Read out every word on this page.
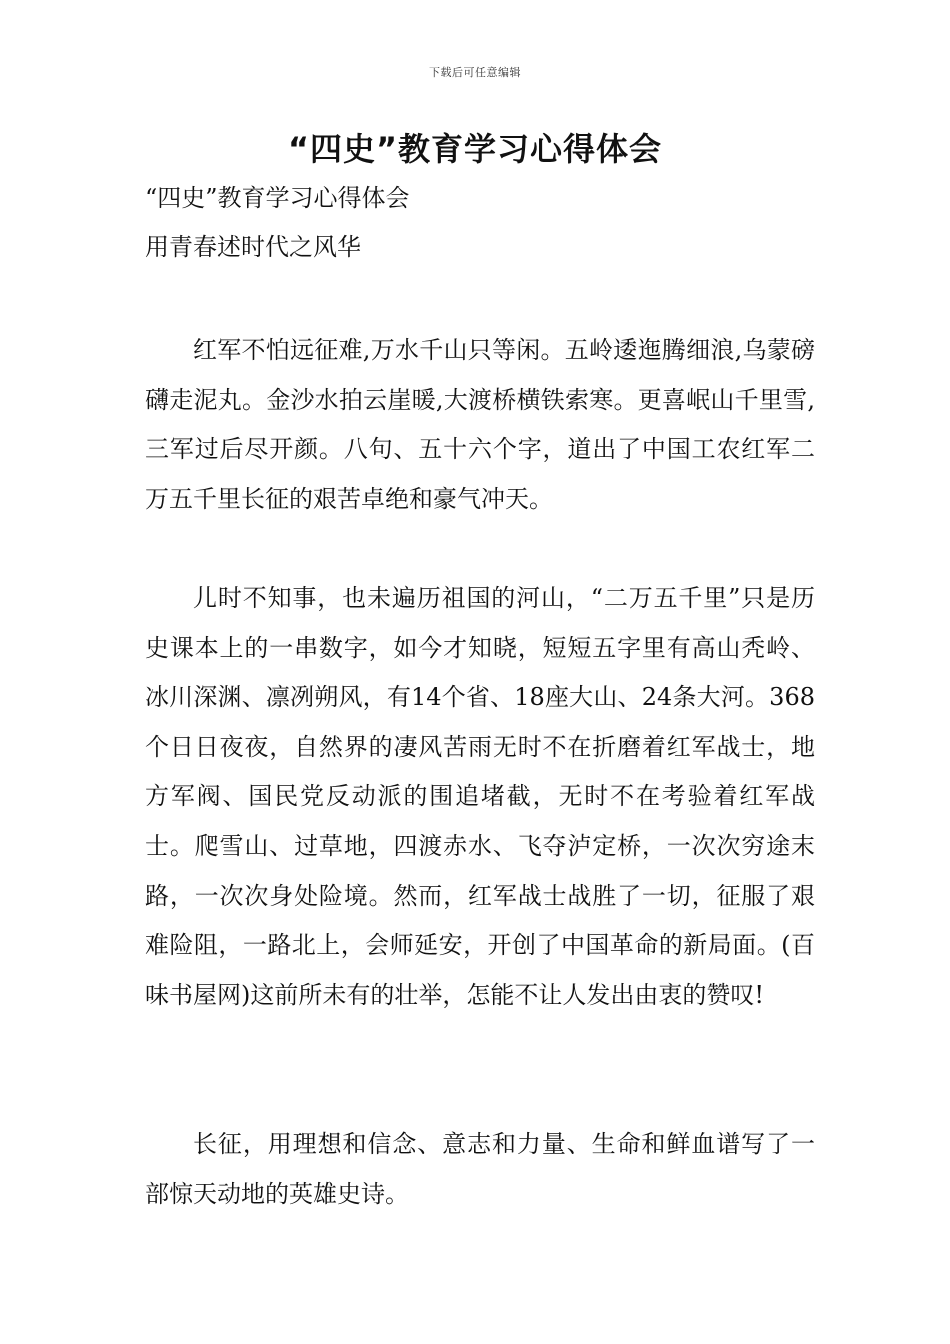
下载后可任意编辑
“四史”教育学习心得体会

“四史”教育学习心得体会

用青春述时代之风华

红军不怕远征难,万水千山只等闲。五岭逶迤腾细浪,乌蒙磅礴走泥丸。金沙水拍云崖暖,大渡桥横铁索寒。更喜岷山千里雪,三军过后尽开颜。八句、五十六个字，道出了中国工农红军二万五千里长征的艰苦卓绝和豪气冲天。

儿时不知事，也未遍历祖国的河山，“二万五千里”只是历史课本上的一串数字，如今才知晓，短短五字里有高山秃岭、冰川深渊、凛冽朔风，有14个省、18座大山、24条大河。368个日日夜夜，自然界的凄风苦雨无时不在折磨着红军战士，地方军阀、国民党反动派的围追堵截，无时不在考验着红军战士。爬雪山、过草地，四渡赤水、飞夺泸定桥，一次次穷途末路，一次次身处险境。然而，红军战士战胜了一切，征服了艰难险阻，一路北上，会师延安，开创了中国革命的新局面。(百味书屋网)这前所未有的壮举，怎能不让人发出由衷的赞叹!

长征，用理想和信念、意志和力量、生命和鲜血谱写了一部惊天动地的英雄史诗。
